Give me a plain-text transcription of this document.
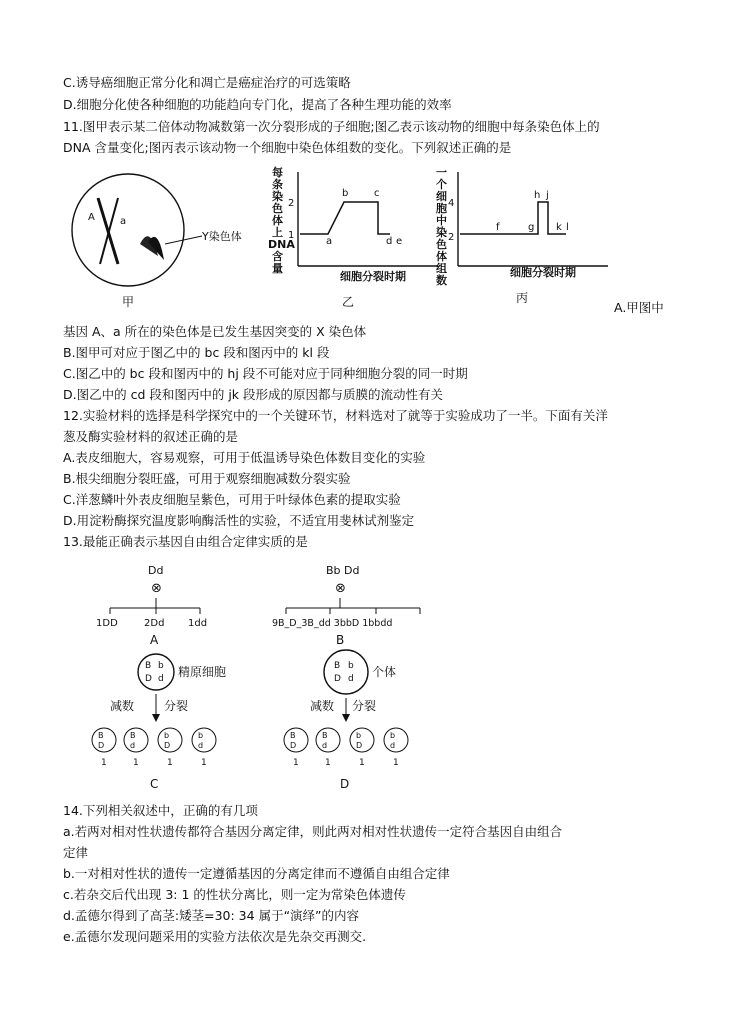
C.诱导癌细胞正常分化和凋亡是癌症治疗的可选策略
D.细胞分化使各种细胞的功能趋向专门化，提高了各种生理功能的效率
11.图甲表示某二倍体动物减数第一次分裂形成的子细胞;图乙表示该动物的细胞中每条染色体上的
DNA 含量变化;图丙表示该动物一个细胞中染色体组数的变化。下列叙述正确的是
A	a
Y染色体
甲
每条染色体上 DNA 含量
2
1
a
b	c
d e
细胞分裂时期
乙
一个细胞中染色体组数
4
2
f	g
h j
k l
细胞分裂时期
丙
A.甲图中
基因 A、a 所在的染色体是已发生基因突变的 X 染色体
B.图甲可对应于图乙中的 bc 段和图丙中的 kl 段
C.图乙中的 bc 段和图丙中的 hj 段不可能对应于同种细胞分裂的同一时期
D.图乙中的 cd 段和图丙中的 jk 段形成的原因都与质膜的流动性有关
12.实验材料的选择是科学探究中的一个关键环节，材料选对了就等于实验成功了一半。下面有关洋
葱及酶实验材料的叙述正确的是
A.表皮细胞大，容易观察，可用于低温诱导染色体数目变化的实验
B.根尖细胞分裂旺盛，可用于观察细胞减数分裂实验
C.洋葱鳞叶外表皮细胞呈紫色，可用于叶绿体色素的提取实验
D.用淀粉酶探究温度影响酶活性的实验，不适宜用斐林试剂鉴定
13.最能正确表示基因自由组合定律实质的是
Dd
⊗
1DD	2Dd 1dd
A
Bb Dd
⊗
9B_D_3B_dd 3bbD 1bbdd
B
B b
D d 精原细胞
减数 分裂
B
D
B
d
b
D
b
d
1	1	1	1
C
B b
D d 个体
减数 分裂
B
D
B
d
b
D
b
d
1	1	1	1
D
14.下列相关叙述中，正确的有几项
a.若两对相对性状遗传都符合基因分离定律，则此两对相对性状遗传一定符合基因自由组合
定律
b.一对相对性状的遗传一定遵循基因的分离定律而不遵循自由组合定律
c.若杂交后代出现 3: 1 的性状分离比，则一定为常染色体遗传
d.孟德尔得到了高茎:矮茎=30: 34 属于“演绎”的内容
e.孟德尔发现问题采用的实验方法依次是先杂交再测交.
